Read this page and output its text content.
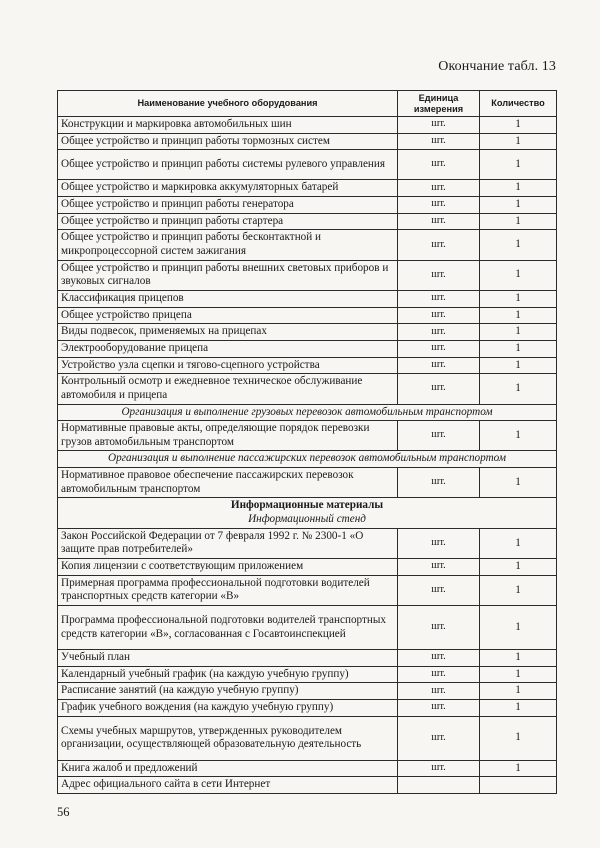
Окончание табл. 13
Наименование учебного оборудования	Единица измерения	Количество
Конструкции и маркировка автомобильных шин	шт.	1
Общее устройство и принцип работы тормозных систем	шт.	1
Общее устройство и принцип работы системы рулевого управления	шт.	1
Общее устройство и маркировка аккумуляторных батарей	шт.	1
Общее устройство и принцип работы генератора	шт.	1
Общее устройство и принцип работы стартера	шт.	1
Общее устройство и принцип работы бесконтактной и микропроцессорной систем зажигания	шт.	1
Общее устройство и принцип работы внешних световых приборов и звуковых сигналов	шт.	1
Классификация прицепов	шт.	1
Общее устройство прицепа	шт.	1
Виды подвесок, применяемых на прицепах	шт.	1
Электрооборудование прицепа	шт.	1
Устройство узла сцепки и тягово-сцепного устройства	шт.	1
Контрольный осмотр и ежедневное техническое обслуживание автомобиля и прицепа	шт.	1
Организация и выполнение грузовых перевозок автомобильным транспортом		
Нормативные правовые акты, определяющие порядок перевозки грузов автомобильным транспортом	шт.	1
Организация и выполнение пассажирских перевозок автомобильным транспортом		
Нормативное правовое обеспечение пассажирских перевозок автомобильным транспортом	шт.	1

Информационные материалы
Информационный стенд		

Закон Российской Федерации от 7 февраля 1992 г. № 2300-1 «О защите прав потребителей»	шт.	1
Копия лицензии с соответствующим приложением	шт.	1
Примерная программа профессиональной подготовки водителей транспортных средств категории «В»	шт.	1
Программа профессиональной подготовки водителей транспортных средств категории «В», согласованная с Госавтоинспекцией	шт.	1
Учебный план	шт.	1
Календарный учебный график (на каждую учебную группу)	шт.	1
Расписание занятий (на каждую учебную группу)	шт.	1
График учебного вождения (на каждую учебную группу)	шт.	1
Схемы учебных маршрутов, утвержденных руководителем организации, осуществляющей образовательную деятельность	шт.	1
Книга жалоб и предложений	шт.	1
Адрес официального сайта в сети Интернет		
56
